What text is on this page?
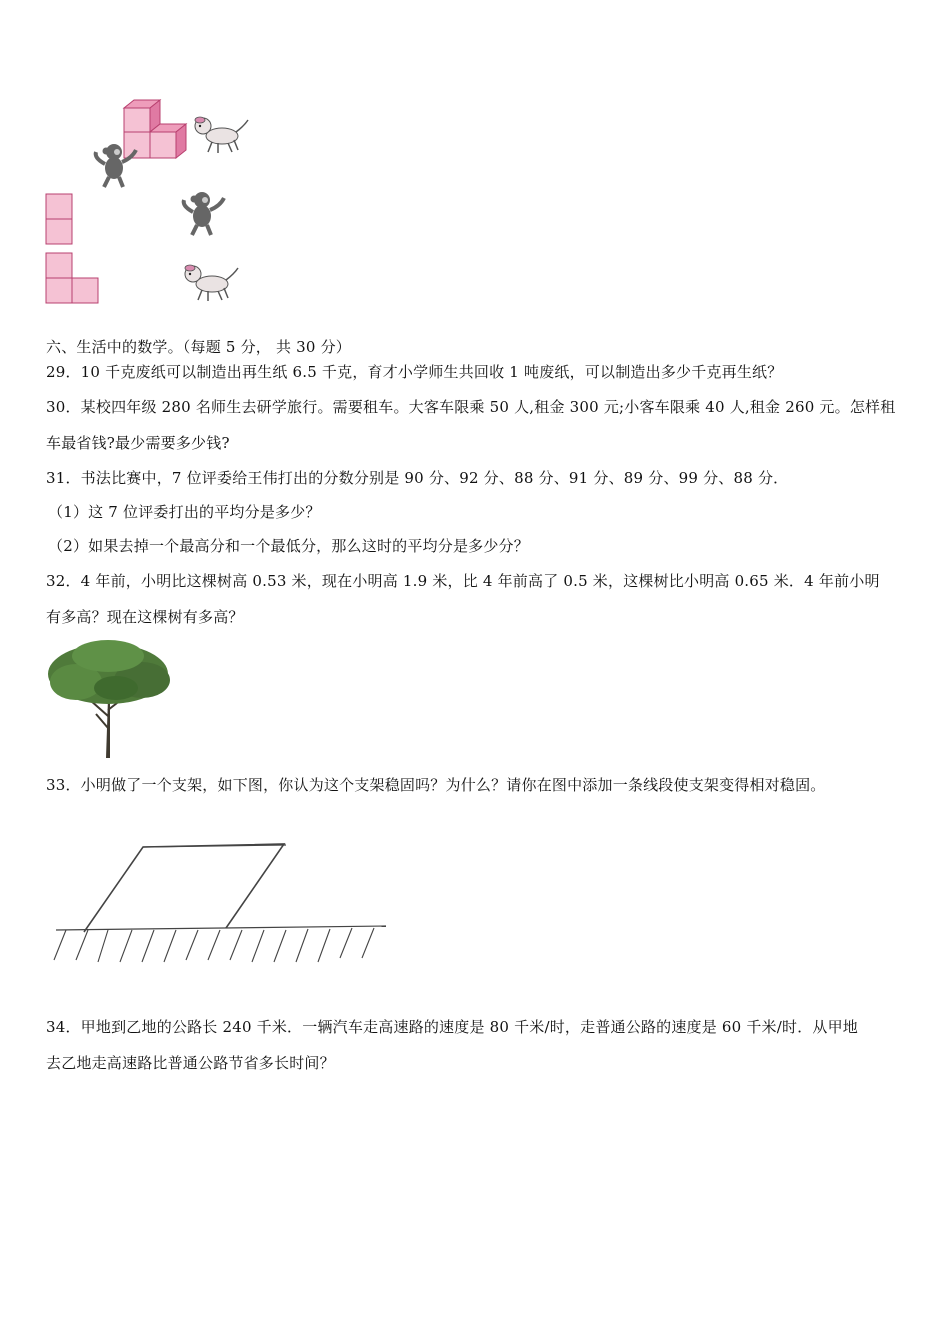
六、生活中的数学。（每题 5 分， 共 30 分）
29．10 千克废纸可以制造出再生纸 6.5 千克，育才小学师生共回收 1 吨废纸，可以制造出多少千克再生纸？
30．某校四年级 280 名师生去研学旅行。需要租车。大客车限乘 50 人,租金 300 元;小客车限乘 40 人,租金 260 元。怎样租
车最省钱?最少需要多少钱?
31．书法比赛中，7 位评委给王伟打出的分数分别是 90 分、92 分、88 分、91 分、89 分、99 分、88 分．
（1）这 7 位评委打出的平均分是多少？
（2）如果去掉一个最高分和一个最低分，那么这时的平均分是多少分？
32．4 年前，小明比这棵树高 0.53 米，现在小明高 1.9 米，比 4 年前高了 0.5 米，这棵树比小明高 0.65 米．4 年前小明
有多高？现在这棵树有多高？
33．小明做了一个支架，如下图，你认为这个支架稳固吗？为什么？请你在图中添加一条线段使支架变得相对稳固。
34．甲地到乙地的公路长 240 千米．一辆汽车走高速路的速度是 80 千米/时，走普通公路的速度是 60 千米/时．从甲地
去乙地走高速路比普通公路节省多长时间？
